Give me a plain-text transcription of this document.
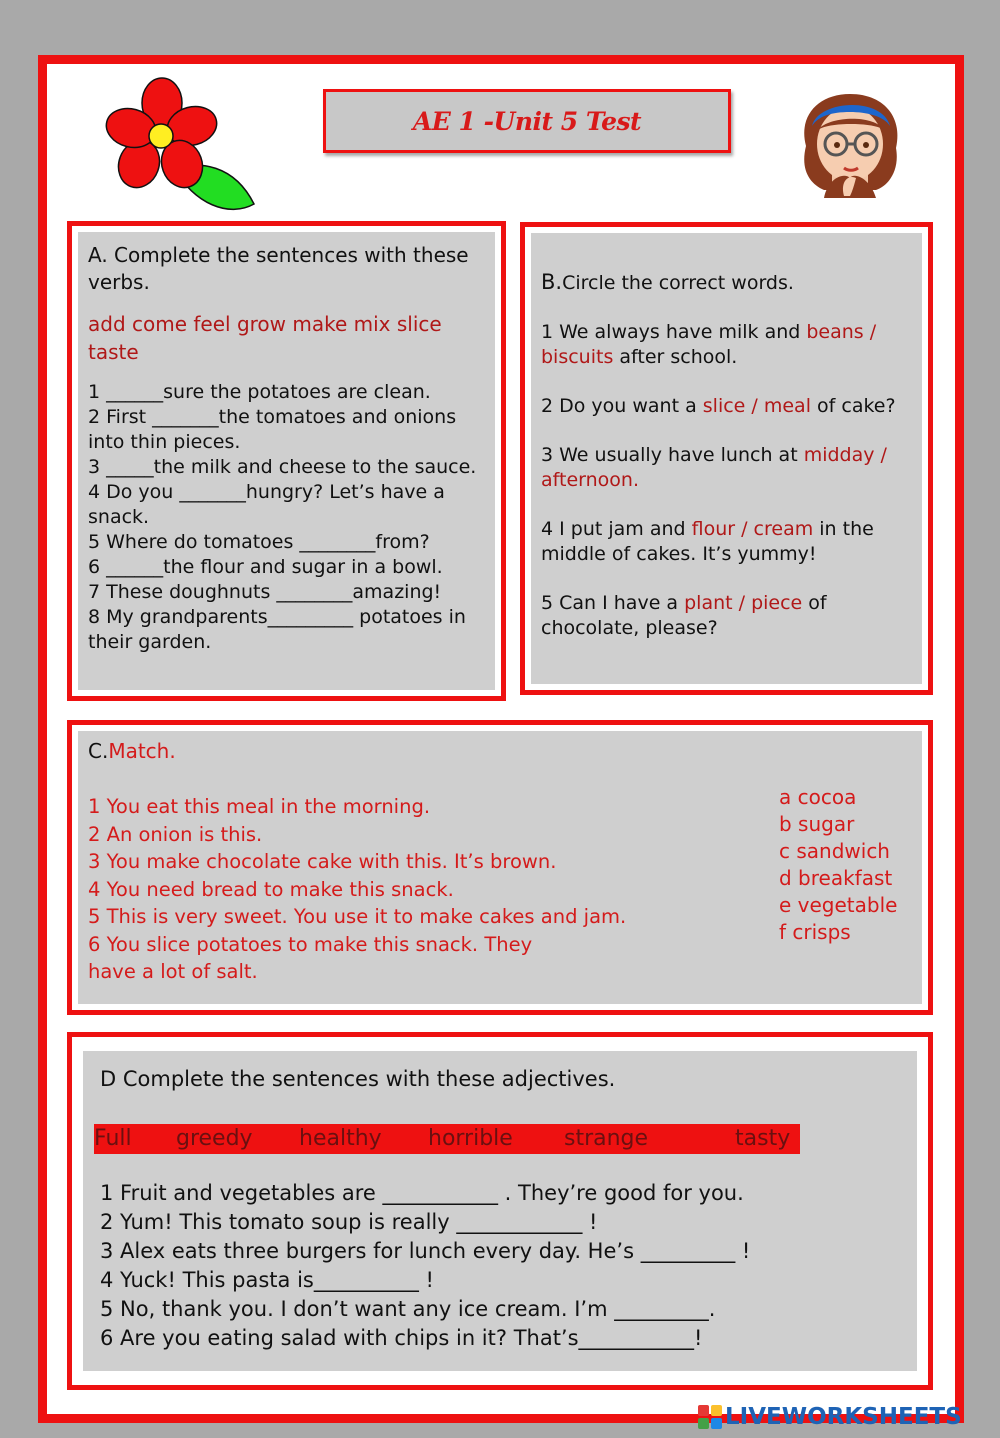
AE 1 -Unit 5 Test
A. Complete the sentences with these verbs.
add come feel grow make mix slice taste
1 ______sure the potatoes are clean.
2 First _______the tomatoes and onions into thin pieces.
3 _____the milk and cheese to the sauce.
4 Do you _______hungry? Let’s have a snack.
5 Where do tomatoes ________from?
6 ______the flour and sugar in a bowl.
7 These doughnuts ________amazing!
8 My grandparents_________ potatoes in their garden.
B.Circle the correct words.
1 We always have milk and beans / biscuits after school.
2 Do you want a slice / meal of cake?
3 We usually have lunch at midday / afternoon.
4 I put jam and flour / cream in the middle of cakes. It’s yummy!
5 Can I have a plant / piece of chocolate, please?
C.Match.
1 You eat this meal in the morning.
2 An onion is this.
3 You make chocolate cake with this. It’s brown.
4 You need bread to make this snack.
5 This is very sweet. You use it to make cakes and jam.
6 You slice potatoes to make this snack. They have a lot of salt.
a cocoa
b sugar
c sandwich
d breakfast
e vegetable
f crisps
D Complete the sentences with these adjectives.
Full greedy healthy horrible strange	tasty
1 Fruit and vegetables are ___________ . They’re good for you.
2 Yum! This tomato soup is really ____________ !
3 Alex eats three burgers for lunch every day. He’s _________ !
4 Yuck! This pasta is__________ !
5 No, thank you. I don’t want any ice cream. I’m _________.
6 Are you eating salad with chips in it? That’s___________!
LIVEWORKSHEETS
